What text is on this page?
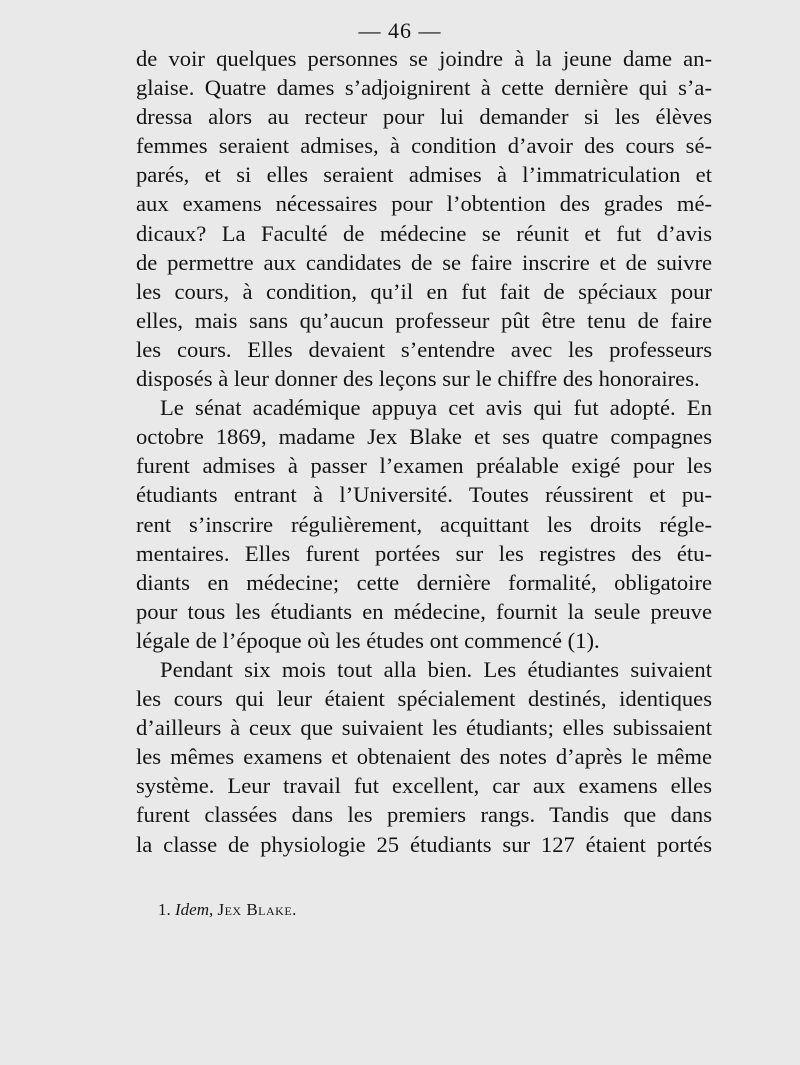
— 46 —
de voir quelques personnes se joindre à la jeune dame an-
glaise. Quatre dames s’adjoignirent à cette dernière qui s’a-
dressa alors au recteur pour lui demander si les élèves
femmes seraient admises, à condition d’avoir des cours sé-
parés, et si elles seraient admises à l’immatriculation et
aux examens nécessaires pour l’obtention des grades mé-
dicaux? La Faculté de médecine se réunit et fut d’avis
de permettre aux candidates de se faire inscrire et de suivre
les cours, à condition, qu’il en fut fait de spéciaux pour
elles, mais sans qu’aucun professeur pût être tenu de faire
les cours. Elles devaient s’entendre avec les professeurs
disposés à leur donner des leçons sur le chiffre des honoraires.
Le sénat académique appuya cet avis qui fut adopté. En
octobre 1869, madame Jex Blake et ses quatre compagnes
furent admises à passer l’examen préalable exigé pour les
étudiants entrant à l’Université. Toutes réussirent et pu-
rent s’inscrire régulièrement, acquittant les droits régle-
mentaires. Elles furent portées sur les registres des étu-
diants en médecine; cette dernière formalité, obligatoire
pour tous les étudiants en médecine, fournit la seule preuve
légale de l’époque où les études ont commencé (1).
Pendant six mois tout alla bien. Les étudiantes suivaient
les cours qui leur étaient spécialement destinés, identiques
d’ailleurs à ceux que suivaient les étudiants; elles subissaient
les mêmes examens et obtenaient des notes d’après le même
système. Leur travail fut excellent, car aux examens elles
furent classées dans les premiers rangs. Tandis que dans
la classe de physiologie 25 étudiants sur 127 étaient portés
1. Idem, Jex Blake.
